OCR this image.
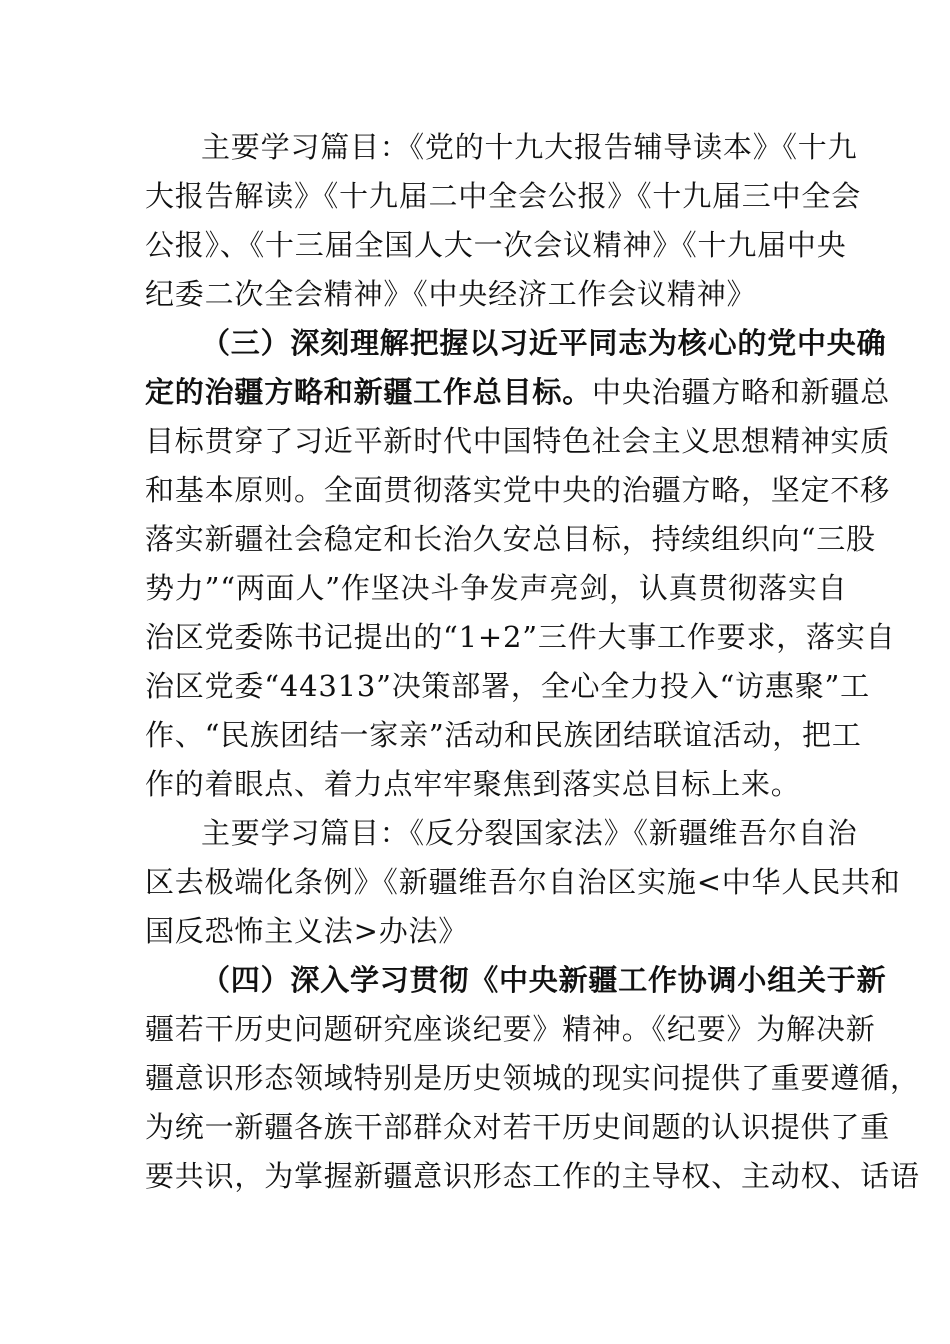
主要学习篇目：《党的十九大报告辅导读本》《十九
大报告解读》《十九届二中全会公报》《十九届三中全会
公报》、《十三届全国人大一次会议精神》《十九届中央
纪委二次全会精神》《中央经济工作会议精神》
（三）深刻理解把握以习近平同志为核心的党中央确
定的治疆方略和新疆工作总目标。中央治疆方略和新疆总
目标贯穿了习近平新时代中国特色社会主义思想精神实质
和基本原则。全面贯彻落实党中央的治疆方略，坚定不移
落实新疆社会稳定和长治久安总目标，持续组织向“三股
势力”“两面人”作坚决斗争发声亮剑，认真贯彻落实自
治区党委陈书记提出的“1+2”三件大事工作要求，落实自
治区党委“44313”决策部署，全心全力投入“访惠聚”工
作、“民族团结一家亲”活动和民族团结联谊活动，把工
作的着眼点、着力点牢牢聚焦到落实总目标上来。
主要学习篇目：《反分裂国家法》《新疆维吾尔自治
区去极端化条例》《新疆维吾尔自治区实施<中华人民共和
国反恐怖主义法>办法》
（四）深入学习贯彻《中央新疆工作协调小组关于新
疆若干历史问题研究座谈纪要》精神。《纪要》为解决新
疆意识形态领域特别是历史领城的现实问提供了重要遵循，
为统一新疆各族干部群众对若干历史间题的认识提供了重
要共识，为掌握新疆意识形态工作的主导权、主动权、话语
